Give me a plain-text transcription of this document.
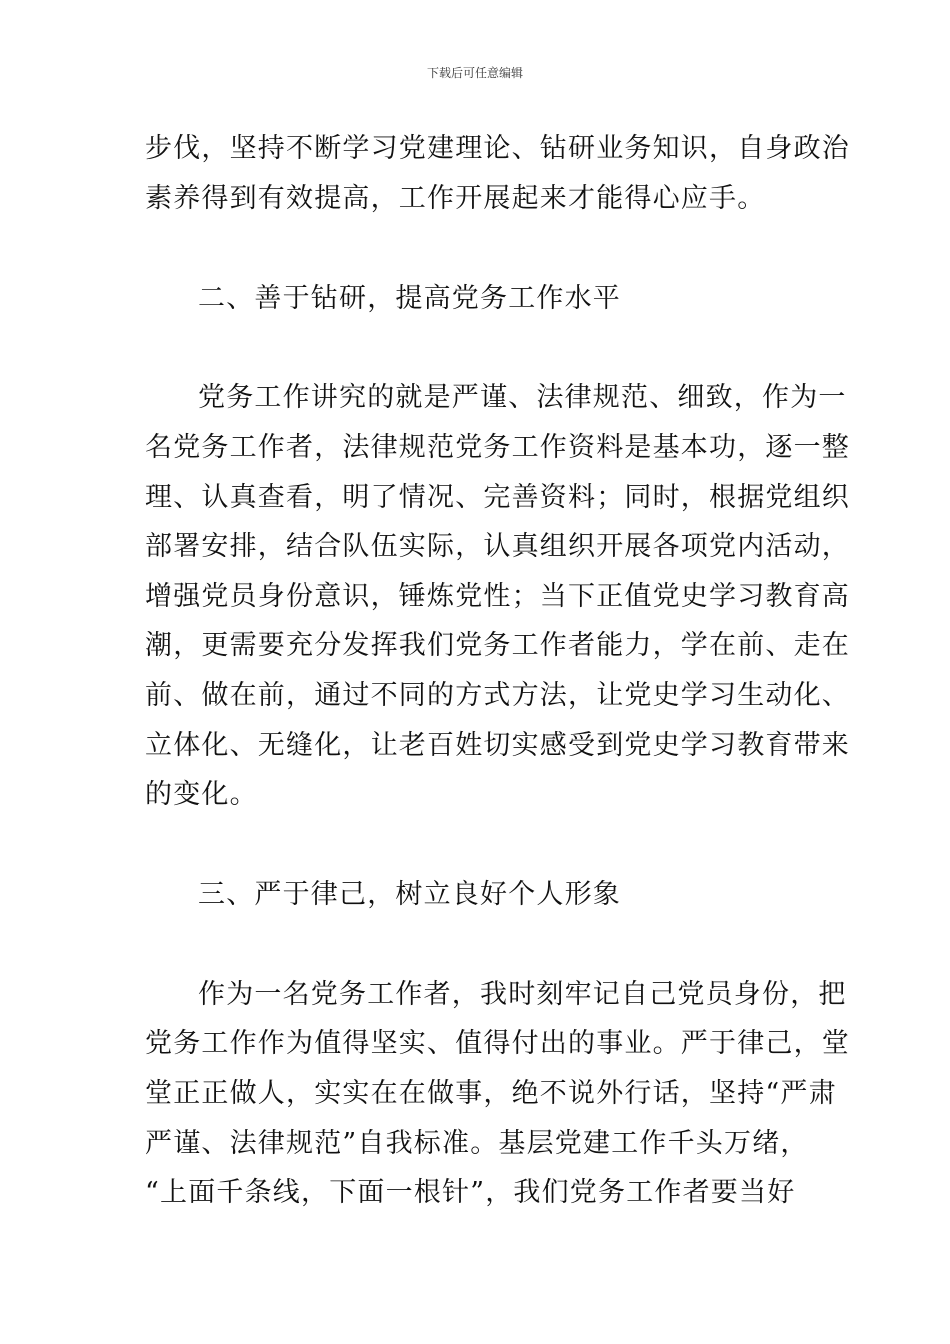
下载后可任意编辑
步伐，坚持不断学习党建理论、钻研业务知识，自身政治
素养得到有效提高，工作开展起来才能得心应手。
二、善于钻研，提高党务工作水平
党务工作讲究的就是严谨、法律规范、细致，作为一
名党务工作者，法律规范党务工作资料是基本功，逐一整
理、认真查看，明了情况、完善资料；同时，根据党组织
部署安排，结合队伍实际，认真组织开展各项党内活动，
增强党员身份意识，锤炼党性；当下正值党史学习教育高
潮，更需要充分发挥我们党务工作者能力，学在前、走在
前、做在前，通过不同的方式方法，让党史学习生动化、
立体化、无缝化，让老百姓切实感受到党史学习教育带来
的变化。
三、严于律己，树立良好个人形象
作为一名党务工作者，我时刻牢记自己党员身份，把
党务工作作为值得坚实、值得付出的事业。严于律己，堂
堂正正做人，实实在在做事，绝不说外行话，坚持“严肃
严谨、法律规范”自我标准。基层党建工作千头万绪，
“上面千条线，下面一根针”，我们党务工作者要当好
